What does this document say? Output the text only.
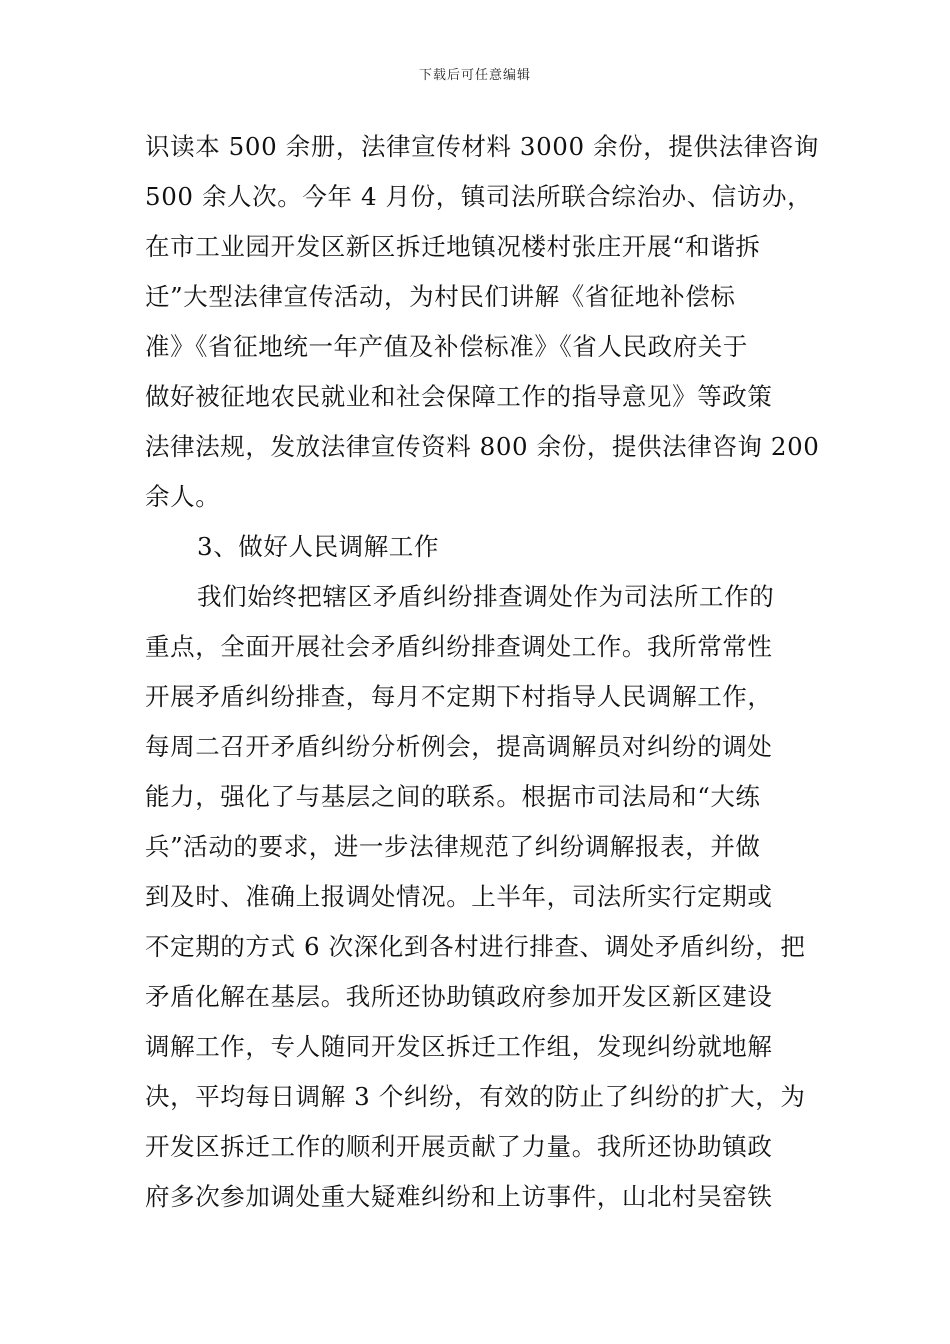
下载后可任意编辑
识读本 500 余册，法律宣传材料 3000 余份，提供法律咨询
500 余人次。今年 4 月份，镇司法所联合综治办、信访办，
在市工业园开发区新区拆迁地镇况楼村张庄开展“和谐拆
迁”大型法律宣传活动，为村民们讲解《省征地补偿标
准》《省征地统一年产值及补偿标准》《省人民政府关于
做好被征地农民就业和社会保障工作的指导意见》等政策
法律法规，发放法律宣传资料 800 余份，提供法律咨询 200
余人。
3、做好人民调解工作
我们始终把辖区矛盾纠纷排查调处作为司法所工作的
重点，全面开展社会矛盾纠纷排查调处工作。我所常常性
开展矛盾纠纷排查，每月不定期下村指导人民调解工作，
每周二召开矛盾纠纷分析例会，提高调解员对纠纷的调处
能力，强化了与基层之间的联系。根据市司法局和“大练
兵”活动的要求，进一步法律规范了纠纷调解报表，并做
到及时、准确上报调处情况。上半年，司法所实行定期或
不定期的方式 6 次深化到各村进行排查、调处矛盾纠纷，把
矛盾化解在基层。我所还协助镇政府参加开发区新区建设
调解工作，专人随同开发区拆迁工作组，发现纠纷就地解
决，平均每日调解 3 个纠纷，有效的防止了纠纷的扩大，为
开发区拆迁工作的顺利开展贡献了力量。我所还协助镇政
府多次参加调处重大疑难纠纷和上访事件，山北村吴窑铁
